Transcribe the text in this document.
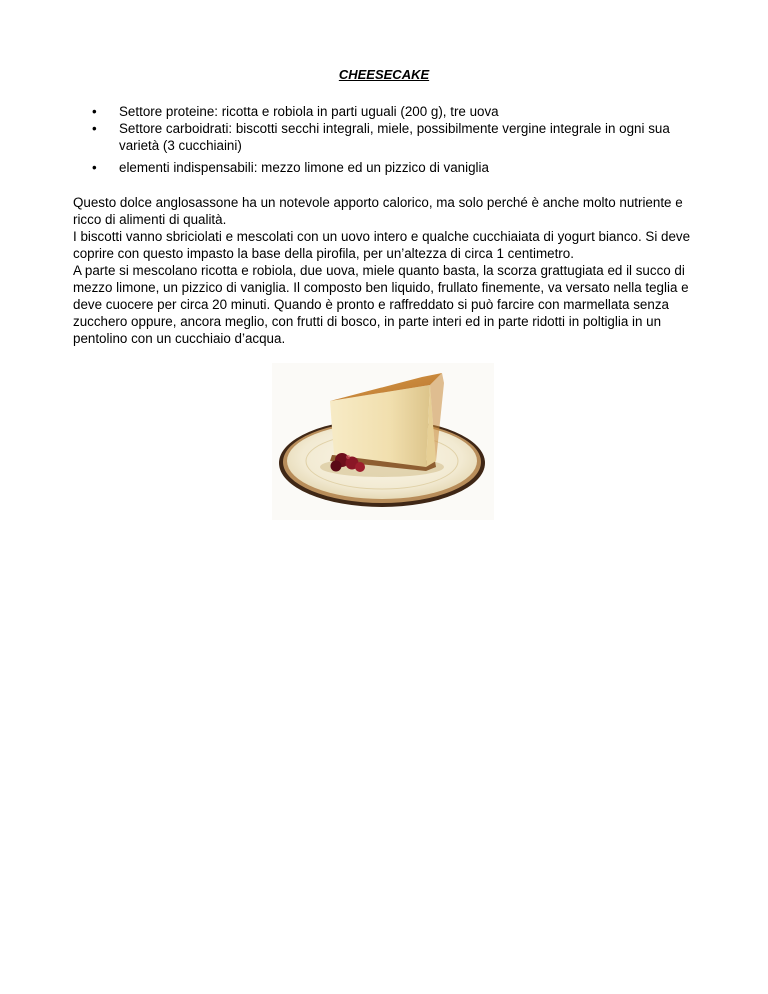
CHEESECAKE
• Settore proteine: ricotta e robiola in parti uguali (200 g), tre uova
• Settore carboidrati: biscotti secchi integrali, miele, possibilmente vergine integrale in ogni sua varietà (3 cucchiaini)
• elementi indispensabili: mezzo limone ed un pizzico di vaniglia

Questo dolce anglosassone ha un notevole apporto calorico, ma solo perché è anche molto nutriente e ricco di alimenti di qualità.

I biscotti vanno sbriciolati e mescolati con un uovo intero e qualche cucchiaiata di yogurt bianco. Si deve coprire con questo impasto la base della pirofila, per un’altezza di circa 1 centimetro.

A parte si mescolano ricotta e robiola, due uova, miele quanto basta, la scorza grattugiata ed il succo di mezzo limone, un pizzico di vaniglia. Il composto ben liquido, frullato finemente, va versato nella teglia e deve cuocere per circa 20 minuti. Quando è pronto e raffreddato si può farcire con marmellata senza zucchero oppure, ancora meglio, con frutti di bosco, in parte interi ed in parte ridotti in poltiglia in un pentolino con un cucchiaio d’acqua.
